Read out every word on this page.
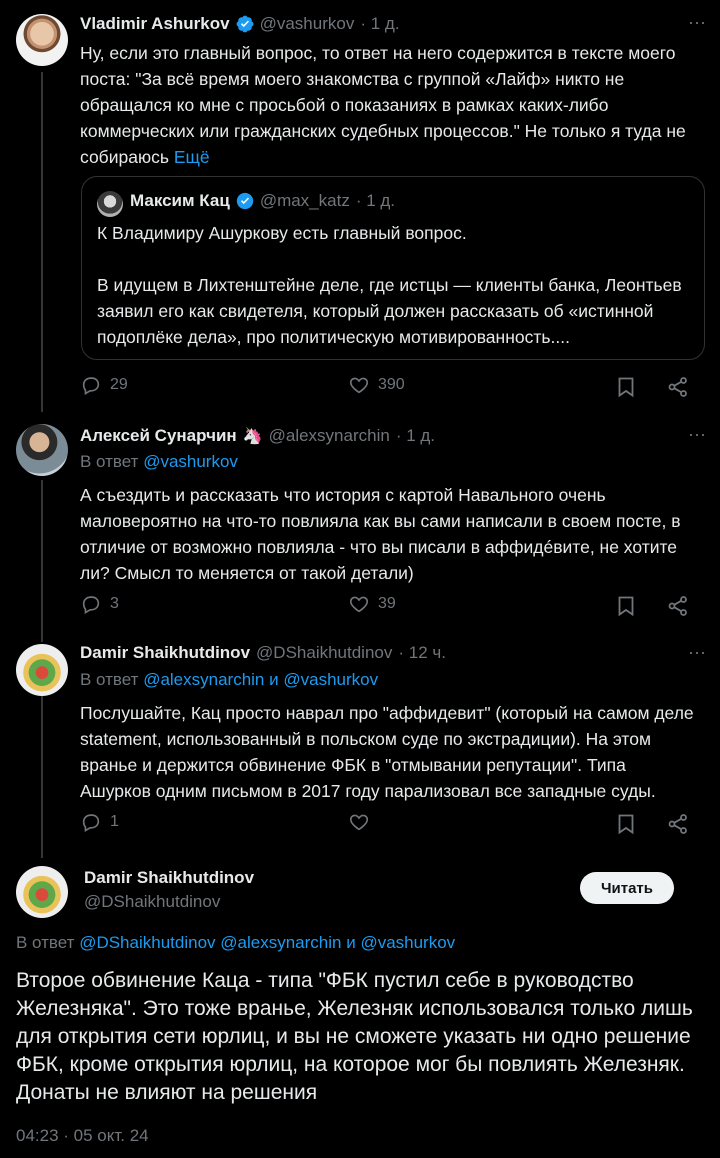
Vladimir Ashurkov @vashurkov · 1 д.	···
Ну, если это главный вопрос, то ответ на него содержится в тексте моего поста: "За всё время моего знакомства с группой «Лайф» никто не обращался ко мне с просьбой о показаниях в рамках каких-либо коммерческих или гражданских судебных процессов." Не только я туда не собираюсь Ещё
Максим Кац @max_katz · 1 д.
К Владимиру Ашуркову есть главный вопрос.
В идущем в Лихтенштейне деле, где истцы — клиенты банка, Леонтьев заявил его как свидетеля, который должен рассказать об «истинной подоплёке дела», про политическую мотивированность....
29	390
Алексей Сунарчин 🦄 @alexsynarchin · 1 д.	···
В ответ @vashurkov
А съездить и рассказать что история с картой Навального очень маловероятно на что-то повлияла как вы сами написали в своем посте, в отличие от возможно повлияла - что вы писали в аффидéвите, не хотите ли? Смысл то меняется от такой детали)
3	39
Damir Shaikhutdinov @DShaikhutdinov · 12 ч.	···
В ответ @alexsynarchin и @vashurkov
Послушайте, Кац просто наврал про "аффидевит" (который на самом деле statement, использованный в польском суде по экстрадиции). На этом вранье и держится обвинение ФБК в "отмывании репутации". Типа Ашурков одним письмом в 2017 году парализовал все западные суды.
1
Damir Shaikhutdinov
@DShaikhutdinov
Читать
В ответ @DShaikhutdinov @alexsynarchin и @vashurkov
Второе обвинение Каца - типа "ФБК пустил себе в руководство Железняка". Это тоже вранье, Железняк использовался только лишь для открытия сети юрлиц, и вы не сможете указать ни одно решение ФБК, кроме открытия юрлиц, на которое мог бы повлиять Железняк. Донаты не влияют на решения
04:23 · 05 окт. 24
